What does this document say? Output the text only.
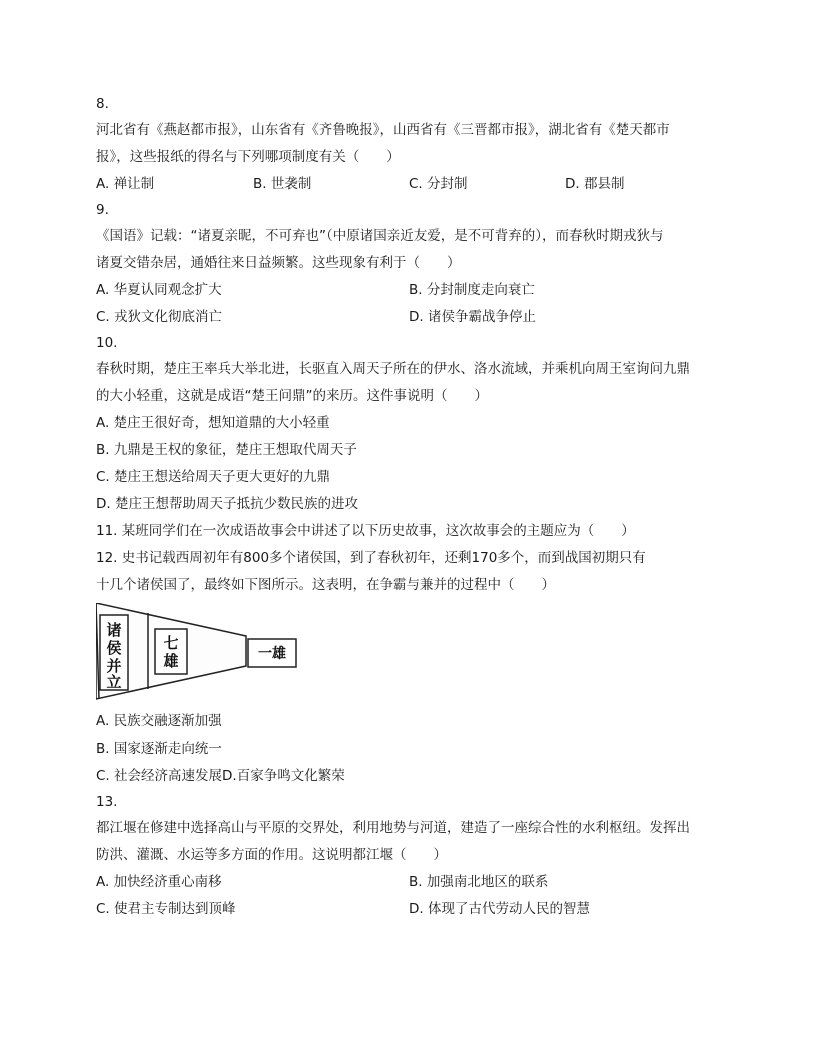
8.
河北省有《燕赵都市报》，山东省有《齐鲁晚报》，山西省有《三晋都市报》，湖北省有《楚天都市
报》，这些报纸的得名与下列哪项制度有关（　　）
A. 禅让制	B. 世袭制	C. 分封制	D. 郡县制
9.
《国语》记载：“诸夏亲昵，不可弃也”（中原诸国亲近友爱，是不可背弃的），而春秋时期戎狄与
诸夏交错杂居，通婚往来日益频繁。这些现象有利于（　　）
A. 华夏认同观念扩大	B. 分封制度走向衰亡
C. 戎狄文化彻底消亡	D. 诸侯争霸战争停止
10.
春秋时期，楚庄王率兵大举北进，长驱直入周天子所在的伊水、洛水流域，并乘机向周王室询问九鼎
的大小轻重，这就是成语“楚王问鼎”的来历。这件事说明（　　）
A. 楚庄王很好奇，想知道鼎的大小轻重
B. 九鼎是王权的象征，楚庄王想取代周天子
C. 楚庄王想送给周天子更大更好的九鼎
D. 楚庄王想帮助周天子抵抗少数民族的进攻
11. 某班同学们在一次成语故事会中讲述了以下历史故事，这次故事会的主题应为（　　）
12. 史书记载西周初年有800多个诸侯国，到了春秋初年，还剩170多个，而到战国初期只有
十几个诸侯国了，最终如下图所示。这表明，在争霸与兼并的过程中（　　）
诸
侯
并
立
七
雄	一雄
A. 民族交融逐渐加强
B. 国家逐渐走向统一
C. 社会经济高速发展D.百家争鸣文化繁荣
13.
都江堰在修建中选择高山与平原的交界处，利用地势与河道，建造了一座综合性的水利枢纽。发挥出
防洪、灌溉、水运等多方面的作用。这说明都江堰（　　）
A. 加快经济重心南移	B. 加强南北地区的联系
C. 使君主专制达到顶峰	D. 体现了古代劳动人民的智慧
